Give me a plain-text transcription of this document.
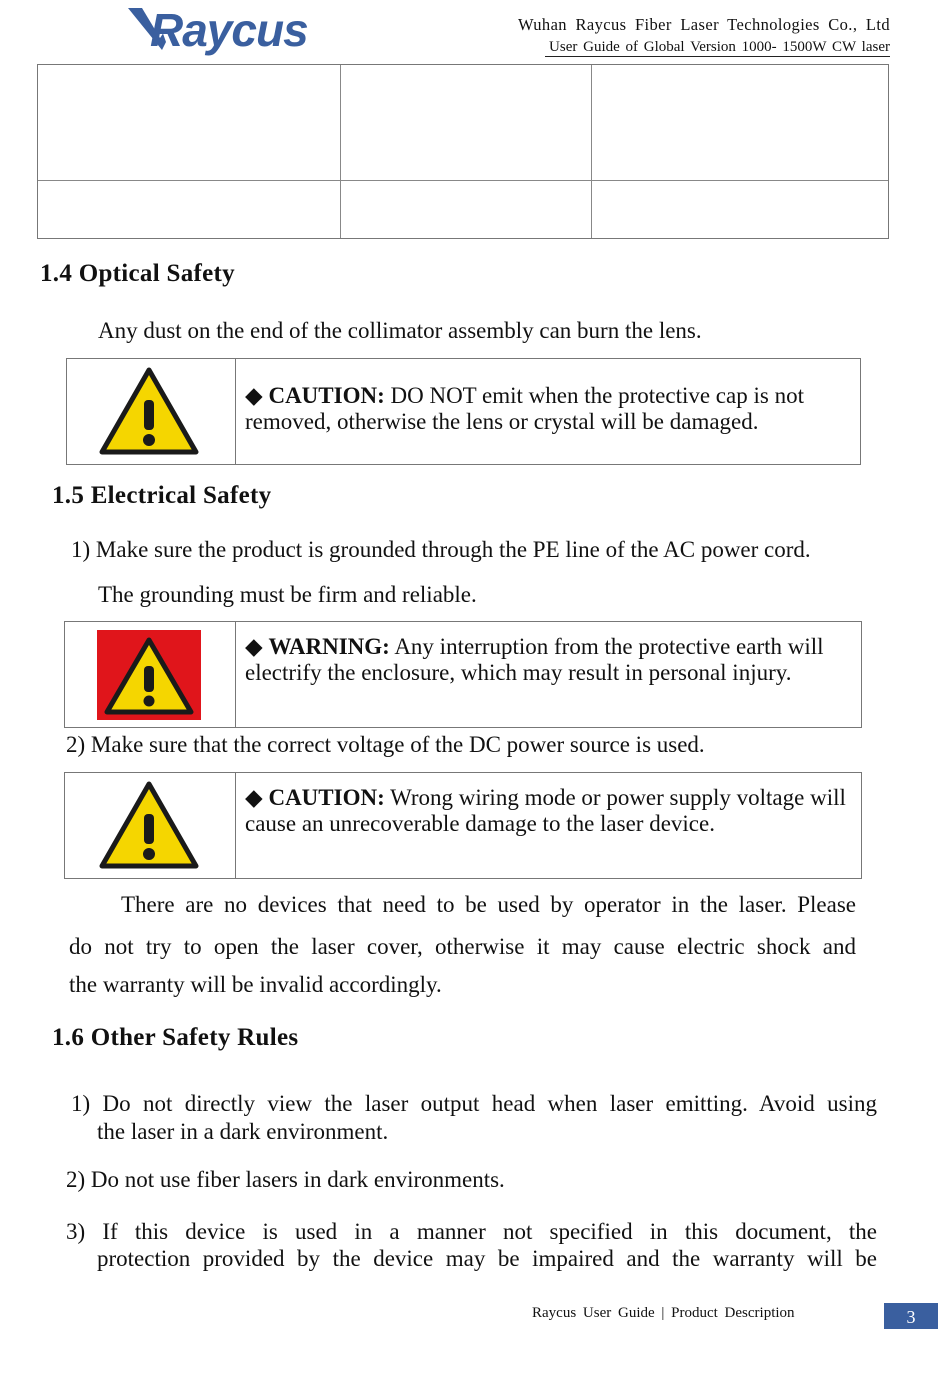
Raycus	Wuhan Raycus Fiber Laser Technologies Co., Ltd
User Guide of Global Version 1000- 1500W CW laser
1.4 Optical Safety
Any dust on the end of the collimator assembly can burn the lens.
◆ CAUTION: DO NOT emit when the protective cap is not removed, otherwise the lens or crystal will be damaged.
1.5 Electrical Safety
1) Make sure the product is grounded through the PE line of the AC power cord.
The grounding must be firm and reliable.
◆ WARNING: Any interruption from the protective earth will electrify the enclosure, which may result in personal injury.
2) Make sure that the correct voltage of the DC power source is used.
◆ CAUTION: Wrong wiring mode or power supply voltage will cause an unrecoverable damage to the laser device.
There are no devices that need to be used by operator in the laser. Please
do not try to open the laser cover, otherwise it may cause electric shock and
the warranty will be invalid accordingly.
1.6 Other Safety Rules
1) Do not directly view the laser output head when laser emitting. Avoid using
the laser in a dark environment.
2) Do not use fiber lasers in dark environments.
3) If this device is used in a manner not specified in this document, the
protection provided by the device may be impaired and the warranty will be
Raycus User Guide | Product Description	3
